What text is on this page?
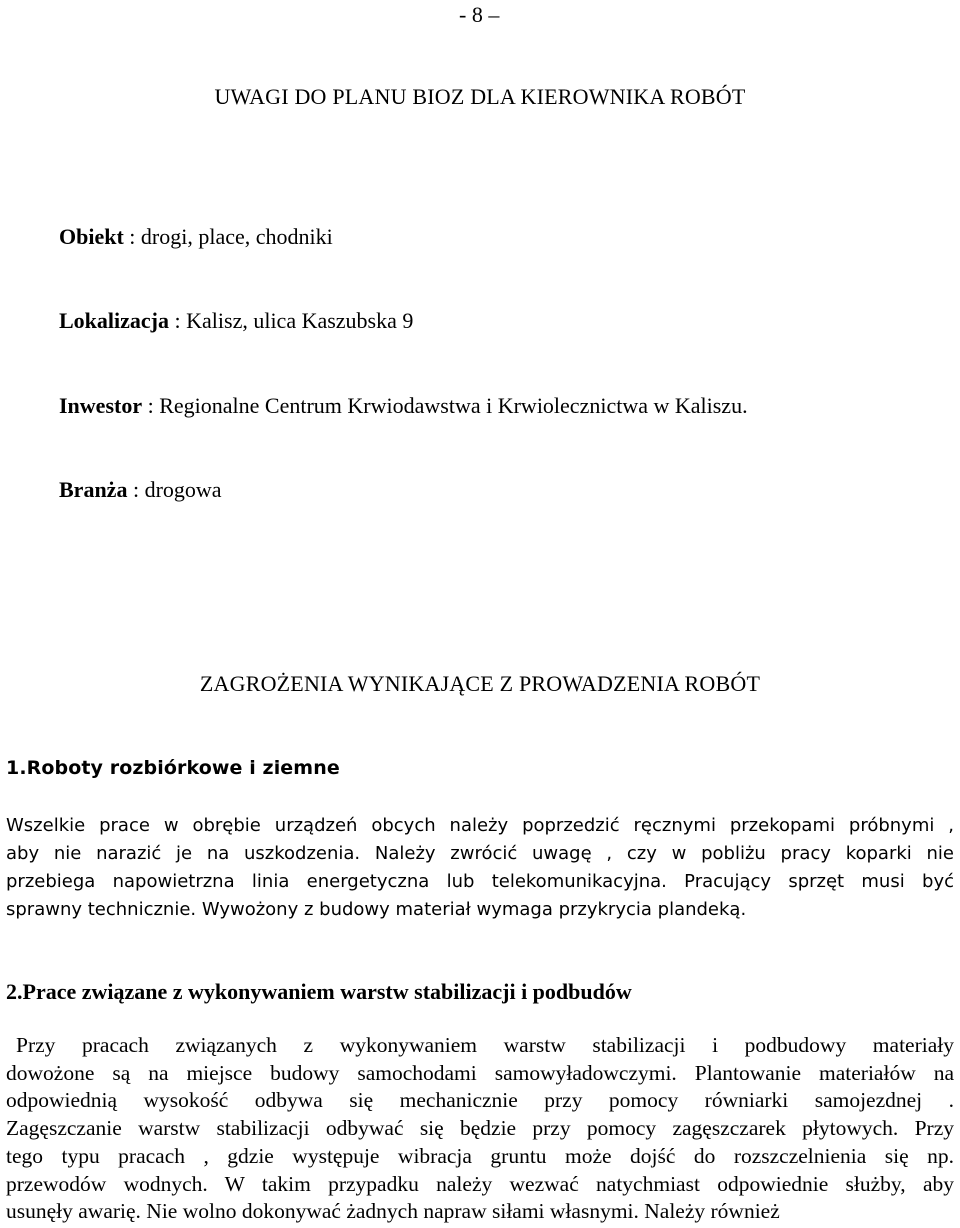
- 8 –
UWAGI DO PLANU BIOZ DLA KIEROWNIKA ROBÓT

Obiekt : drogi, place, chodniki

Lokalizacja : Kalisz, ulica Kaszubska 9

Inwestor : Regionalne Centrum Krwiodawstwa i Krwiolecznictwa w Kaliszu.

Branża : drogowa

ZAGROŻENIA WYNIKAJĄCE Z PROWADZENIA ROBÓT
1.Roboty rozbiórkowe i ziemne
Wszelkie prace w obrębie urządzeń obcych należy poprzedzić ręcznymi przekopami próbnymi ,
aby nie narazić je na uszkodzenia. Należy zwrócić uwagę , czy w pobliżu pracy koparki nie
przebiega napowietrzna linia energetyczna lub telekomunikacyjna. Pracujący sprzęt musi być
sprawny technicznie. Wywożony z budowy materiał wymaga przykrycia plandeką.
2.Prace związane z wykonywaniem warstw stabilizacji i podbudów
Przy pracach związanych z wykonywaniem warstw stabilizacji i podbudowy materiały
dowożone są na miejsce budowy samochodami samowyładowczymi. Plantowanie materiałów na
odpowiednią wysokość odbywa się mechanicznie przy pomocy równiarki samojezdnej .
Zagęszczanie warstw stabilizacji odbywać się będzie przy pomocy zagęszczarek płytowych. Przy
tego typu pracach , gdzie występuje wibracja gruntu może dojść do rozszczelnienia się np.
przewodów wodnych. W takim przypadku należy wezwać natychmiast odpowiednie służby, aby
usunęły awarię. Nie wolno dokonywać żadnych napraw siłami własnymi. Należy również
